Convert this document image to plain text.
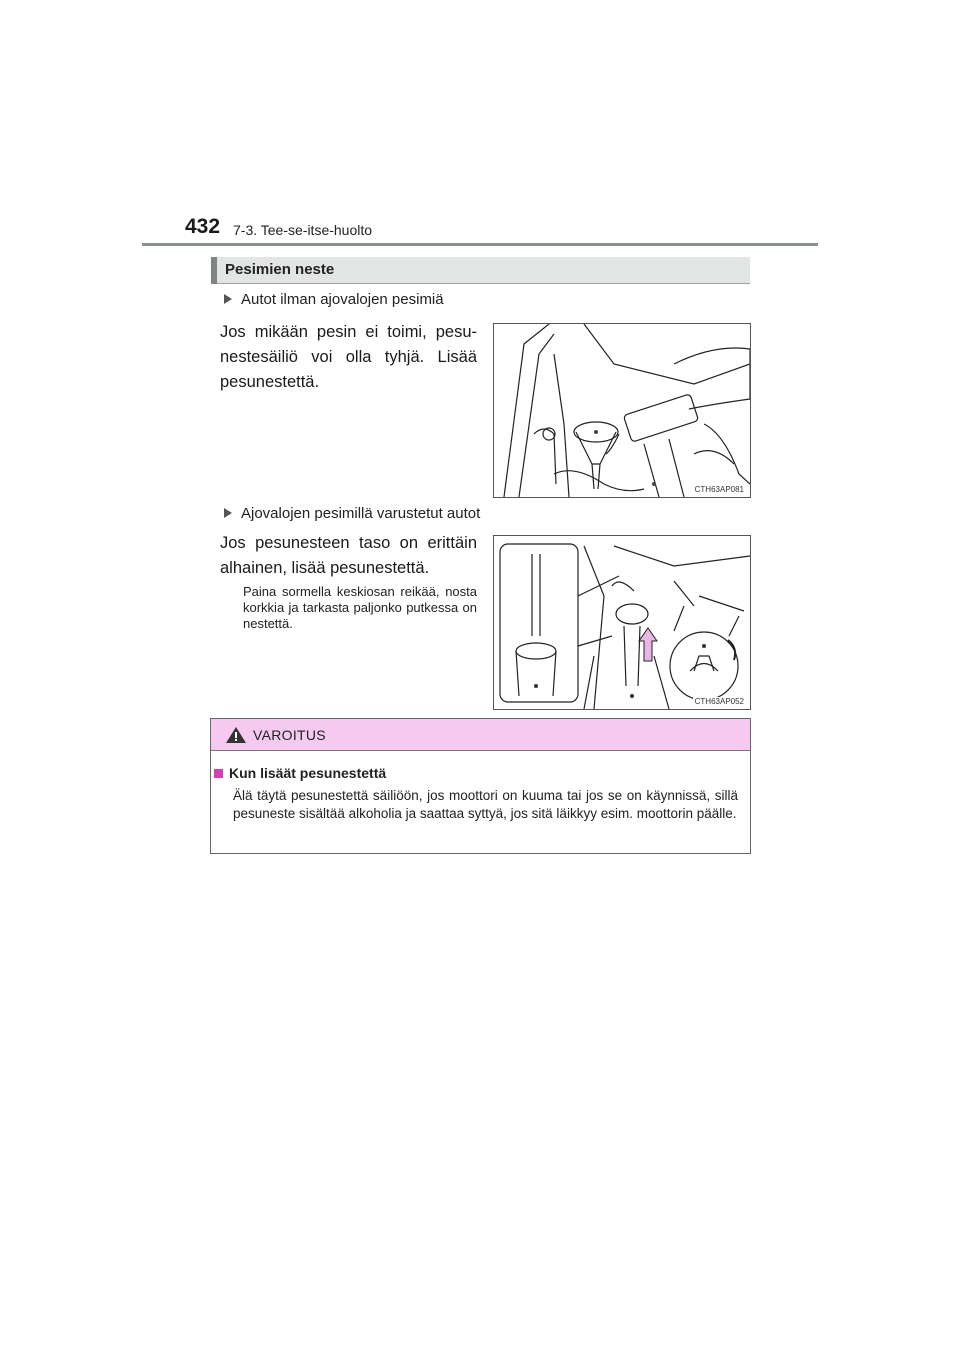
432 7-3. Tee-se-itse-huolto
Pesimien neste
Autot ilman ajovalojen pesimiä
Jos mikään pesin ei toimi, pesu-nestesäiliö voi olla tyhjä. Lisää pesunestettä.
CTH63AP081
Ajovalojen pesimillä varustetut autot
Jos pesunesteen taso on erittäin alhainen, lisää pesunestettä.
Paina sormella keskiosan reikää, nosta korkkia ja tarkasta paljonko putkessa on nestettä.
CTH63AP052
VAROITUS
Kun lisäät pesunestettä
Älä täytä pesunestettä säiliöön, jos moottori on kuuma tai jos se on käynnissä, sillä pesuneste sisältää alkoholia ja saattaa syttyä, jos sitä läikkyy esim. moottorin päälle.
